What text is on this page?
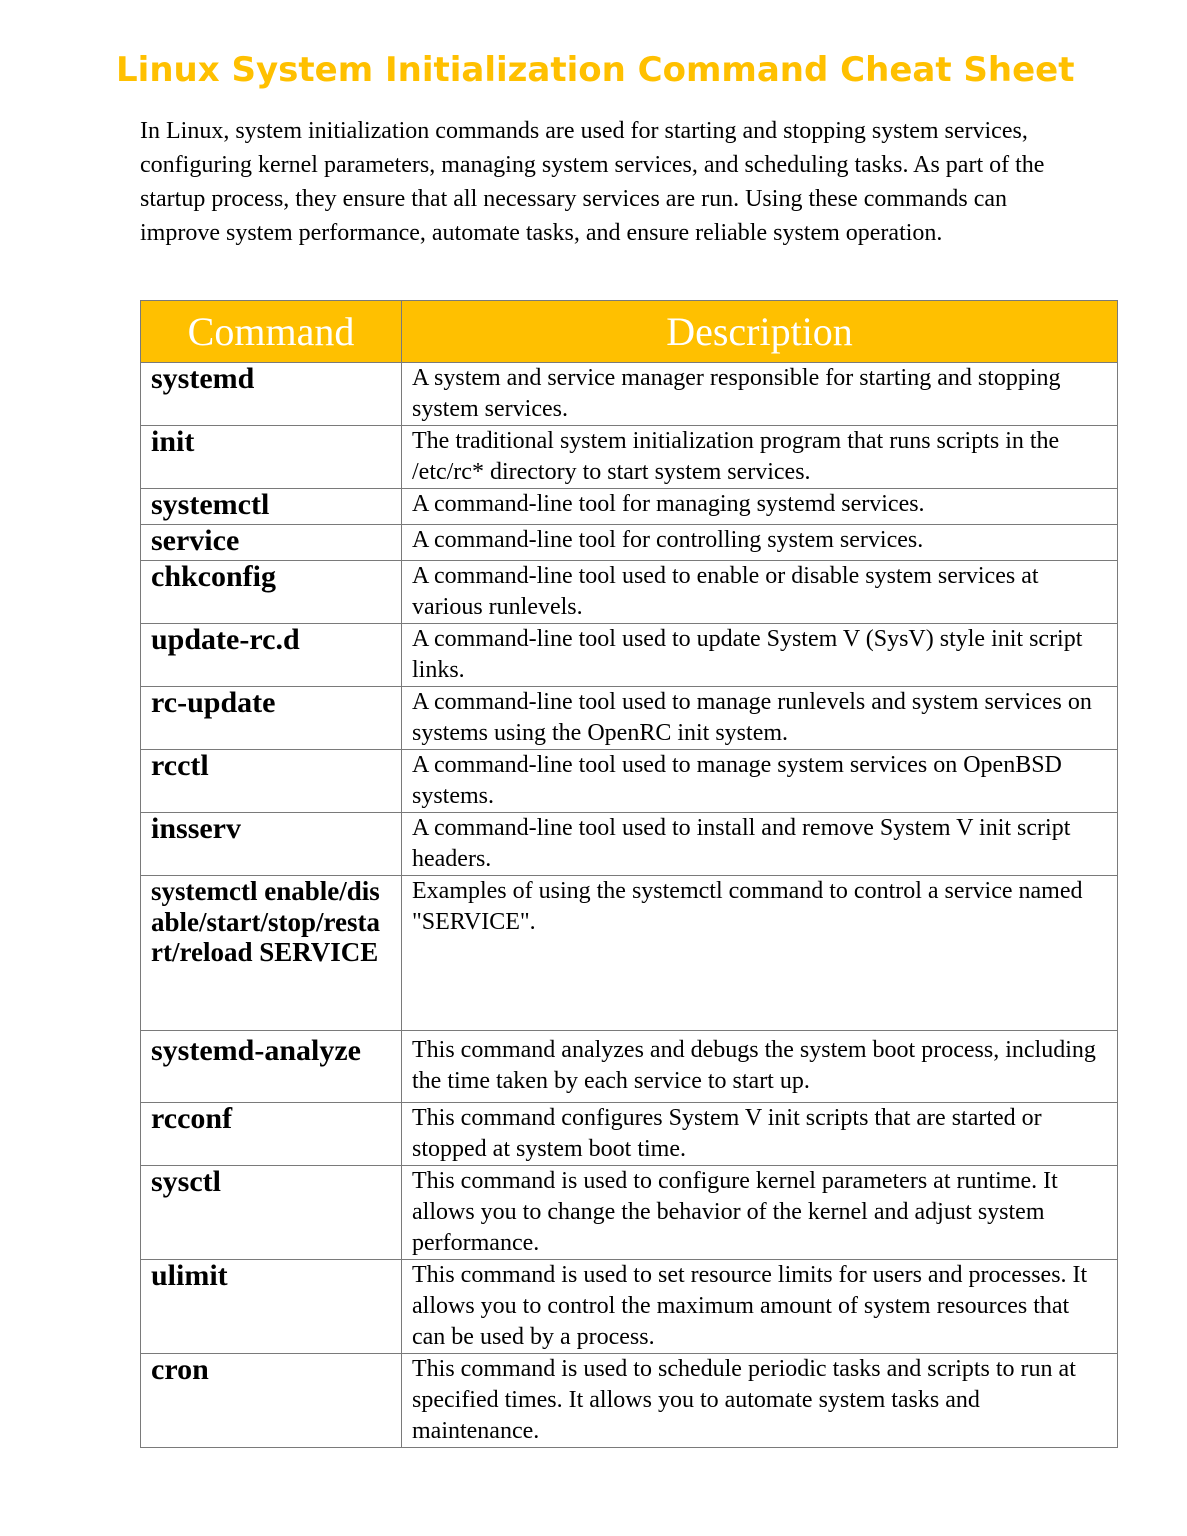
Linux System Initialization Command Cheat Sheet

In Linux, system initialization commands are used for starting and stopping system services, configuring kernel parameters, managing system services, and scheduling tasks. As part of the startup process, they ensure that all necessary services are run. Using these commands can improve system performance, automate tasks, and ensure reliable system operation.

Command	Description
systemd	A system and service manager responsible for starting and stopping system services.
init	The traditional system initialization program that runs scripts in the /etc/rc* directory to start system services.
systemctl	A command-line tool for managing systemd services.
service	A command-line tool for controlling system services.
chkconfig	A command-line tool used to enable or disable system services at various runlevels.
update-rc.d	A command-line tool used to update System V (SysV) style init script links.
rc-update	A command-line tool used to manage runlevels and system services on systems using the OpenRC init system.
rcctl	A command-line tool used to manage system services on OpenBSD systems.
insserv	A command-line tool used to install and remove System V init script headers.
systemctl enable/disable/start/stop/restart/reload SERVICE	Examples of using the systemctl command to control a service named "SERVICE".
systemd-analyze	This command analyzes and debugs the system boot process, including the time taken by each service to start up.
rcconf	This command configures System V init scripts that are started or stopped at system boot time.
sysctl	This command is used to configure kernel parameters at runtime. It allows you to change the behavior of the kernel and adjust system performance.
ulimit	This command is used to set resource limits for users and processes. It allows you to control the maximum amount of system resources that can be used by a process.
cron	This command is used to schedule periodic tasks and scripts to run at specified times. It allows you to automate system tasks and maintenance.
